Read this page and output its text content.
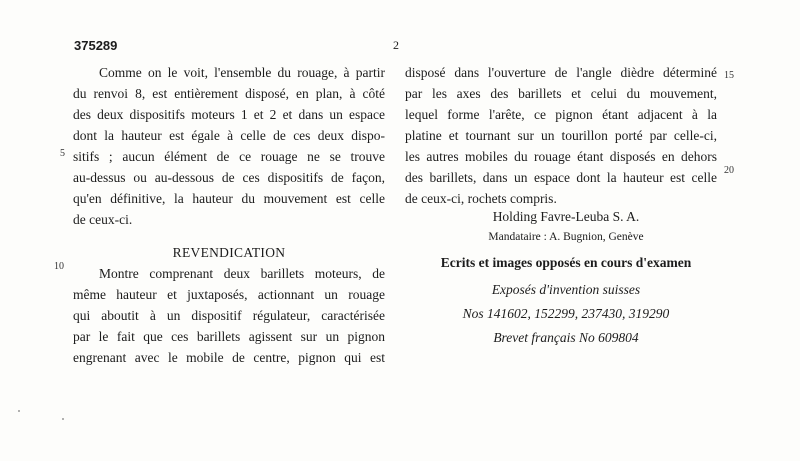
375289	2
Comme on le voit, l'ensemble du rouage, à partir
du renvoi 8, est entièrement disposé, en plan, à côté
des deux dispositifs moteurs 1 et 2 et dans un espace
dont la hauteur est égale à celle de ces deux dispo-
sitifs ; aucun élément de ce rouage ne se trouve
au-dessus ou au-dessous de ces dispositifs de façon,
qu'en définitive, la hauteur du mouvement est celle
de ceux-ci.
REVENDICATION
Montre comprenant deux barillets moteurs, de
même hauteur et juxtaposés, actionnant un rouage
qui aboutit à un dispositif régulateur, caractérisée
par le fait que ces barillets agissent sur un pignon
engrenant avec le mobile de centre, pignon qui est
5
10
15
20
disposé dans l'ouverture de l'angle dièdre déterminé
par les axes des barillets et celui du mouvement,
lequel forme l'arête, ce pignon étant adjacent à la
platine et tournant sur un tourillon porté par celle-ci,
les autres mobiles du rouage étant disposés en dehors
des barillets, dans un espace dont la hauteur est celle
de ceux-ci, rochets compris.
Holding Favre-Leuba S. A.
Mandataire : A. Bugnion, Genève
Ecrits et images opposés en cours d'examen
Exposés d'invention suisses
Nos 141602, 152299, 237430, 319290
Brevet français No 609804
